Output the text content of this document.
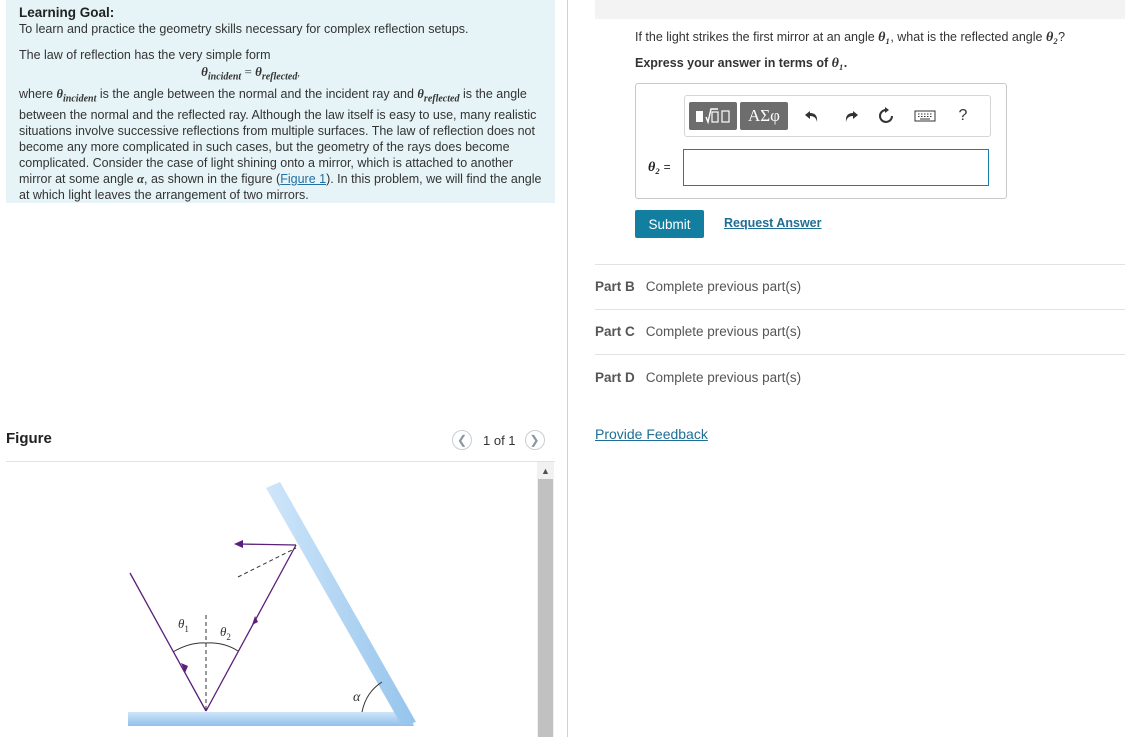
Learning Goal:
To learn and practice the geometry skills necessary for complex reflection setups.
The law of reflection has the very simple form
$\theta_{incident} = \theta_{reflected}$,
where $\theta_{incident}$ is the angle between the normal and the incident ray and $\theta_{reflected}$ is the angle between the normal and the reflected ray. Although the law itself is easy to use, many realistic situations involve successive reflections from multiple surfaces. The law of reflection does not become any more complicated in such cases, but the geometry of the rays does become complicated. Consider the case of light shining onto a mirror, which is attached to another mirror at some angle α, as shown in the figure (Figure 1). In this problem, we will find the angle at which light leaves the arrangement of two mirrors.
Figure	❮	1 of 1	❯
$\theta_1$ $\theta_2$
α
▲
If the light strikes the first mirror at an angle θ₁, what is the reflected angle θ₂?
Express your answer in terms of θ₁.
ΑΣφ	?
θ₂ =
Submit	Request Answer
Part B Complete previous part(s)
Part C Complete previous part(s)
Part D Complete previous part(s)
Provide Feedback
